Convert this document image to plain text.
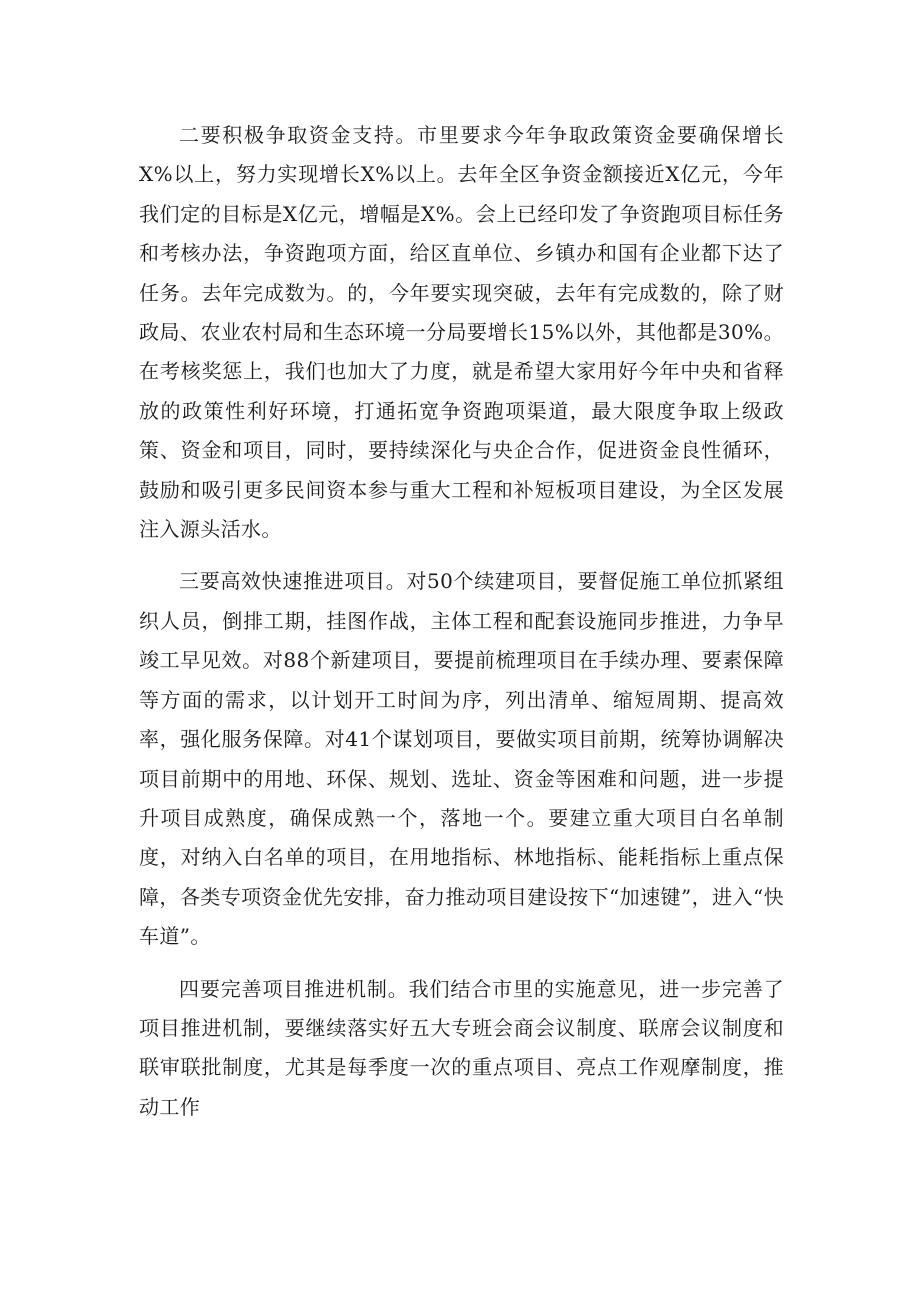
二要积极争取资金支持。市里要求今年争取政策资金要确保增长X%以上，努力实现增长X%以上。去年全区争资金额接近X亿元，今年我们定的目标是X亿元，增幅是X%。会上已经印发了争资跑项目标任务和考核办法，争资跑项方面，给区直单位、乡镇办和国有企业都下达了任务。去年完成数为。的，今年要实现突破，去年有完成数的，除了财政局、农业农村局和生态环境一分局要增长15%以外，其他都是30%。在考核奖惩上，我们也加大了力度，就是希望大家用好今年中央和省释放的政策性利好环境，打通拓宽争资跑项渠道，最大限度争取上级政策、资金和项目，同时，要持续深化与央企合作，促进资金良性循环，鼓励和吸引更多民间资本参与重大工程和补短板项目建设，为全区发展注入源头活水。

三要高效快速推进项目。对50个续建项目，要督促施工单位抓紧组织人员，倒排工期，挂图作战，主体工程和配套设施同步推进，力争早竣工早见效。对88个新建项目，要提前梳理项目在手续办理、要素保障等方面的需求，以计划开工时间为序，列出清单、缩短周期、提高效率，强化服务保障。对41个谋划项目，要做实项目前期，统筹协调解决项目前期中的用地、环保、规划、选址、资金等困难和问题，进一步提升项目成熟度，确保成熟一个，落地一个。要建立重大项目白名单制度，对纳入白名单的项目，在用地指标、林地指标、能耗指标上重点保障，各类专项资金优先安排，奋力推动项目建设按下“加速键”，进入“快车道”。

四要完善项目推进机制。我们结合市里的实施意见，进一步完善了项目推进机制，要继续落实好五大专班会商会议制度、联席会议制度和联审联批制度，尤其是每季度一次的重点项目、亮点工作观摩制度，推动工作
